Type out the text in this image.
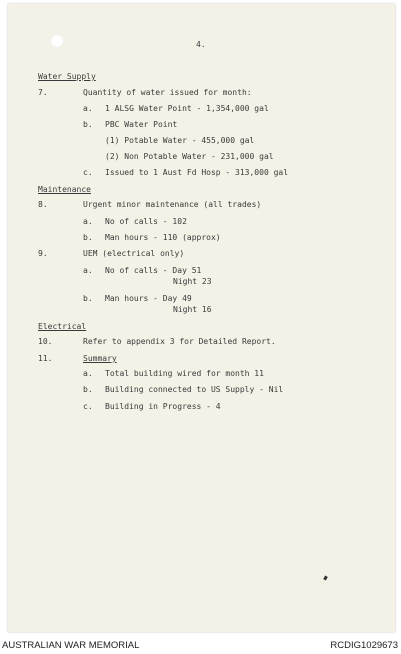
4.
Water Supply
7.	Quantity of water issued for month:
a. 1 ALSG Water Point - 1,354,000 gal
b. PBC Water Point
(1) Potable Water - 455,000 gal
(2) Non Potable Water - 231,000 gal
c. Issued to 1 Aust Fd Hosp - 313,000 gal
Maintenance
8.	Urgent minor maintenance (all trades)
a. No of calls - 102
b. Man hours - 110 (approx)
9.	UEM (electrical only)
a. No of calls - Day 51
Night 23
b. Man hours - Day 49
Night 16
Electrical
10.	Refer to appendix 3 for Detailed Report.
11.	Summary
a. Total building wired for month 11
b. Building connected to US Supply - Nil
c. Building in Progress - 4
AUSTRALIAN WAR MEMORIAL	RCDIG1029673
